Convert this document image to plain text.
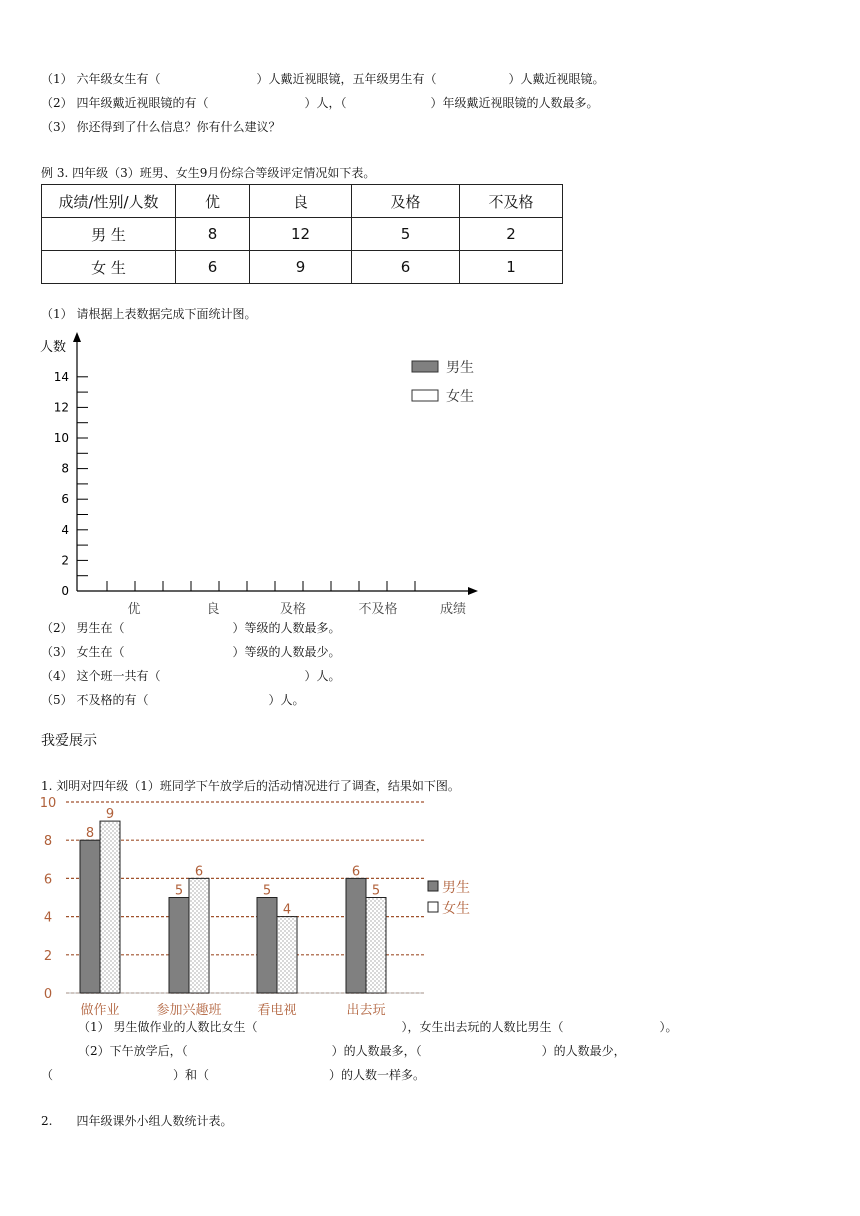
（1） 六年级女生有（　　　　　　　　）人戴近视眼镜，五年级男生有（　　　　　　）人戴近视眼镜。
（2） 四年级戴近视眼镜的有（　　　　　　　　）人，（　　　　　　　）年级戴近视眼镜的人数最多。
（3） 你还得到了什么信息？你有什么建议？
例 3. 四年级（3）班男、女生9月份综合等级评定情况如下表。
成绩/性别/人数	优	良	及格	不及格
男 生	8	12	5	2
女 生	6	9	6	1
（1） 请根据上表数据完成下面统计图。
人数
成绩
0
2
4
6
8
10
12
14
优	良	及格	不及格
男生
女生
（2） 男生在（　　　　　　　　　）等级的人数最多。
（3） 女生在（　　　　　　　　　）等级的人数最少。
（4） 这个班一共有（　　　　　　　　　　　　）人。
（5） 不及格的有（　　　　　　　　　　）人。
我爱展示
1. 刘明对四年级（1）班同学下午放学后的活动情况进行了调查，结果如下图。
0
2
4
6
8
10
8
9
5
6
5
4
6
5
做作业	参加兴趣班	看电视	出去玩
男生
女生
（1） 男生做作业的人数比女生（　　　　　　　　　　　　），女生出去玩的人数比男生（　　　　　　　　）。
（2）下午放学后，（　　　　　　　　　　　　）的人数最多，（　　　　　　　　　　）的人数最少，
（　　　　　　　　　　）和（　　　　　　　　　　）的人数一样多。
2.　　四年级课外小组人数统计表。
